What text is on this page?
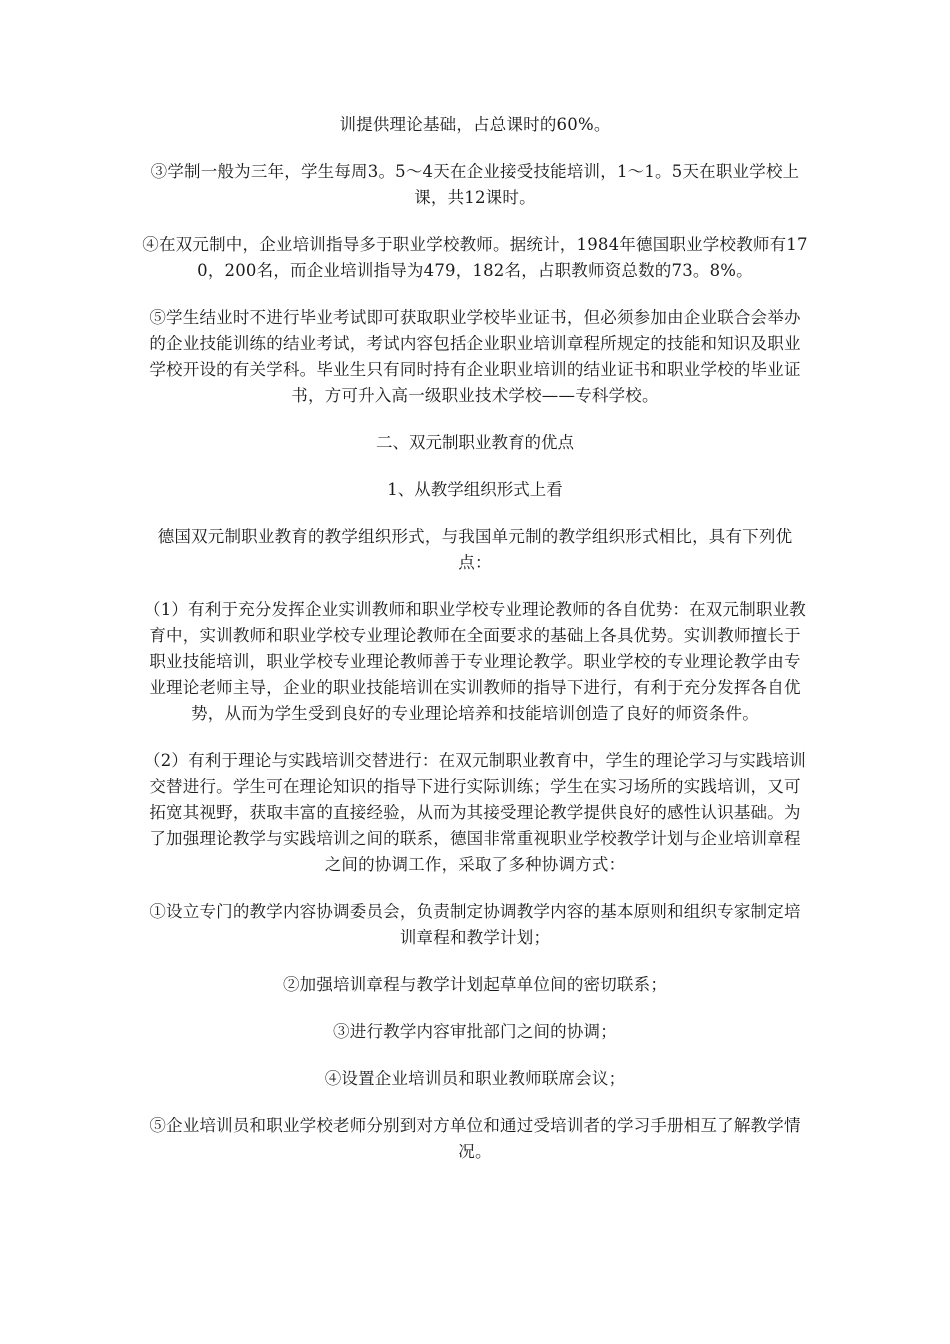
训提供理论基础，占总课时的60%。

③学制一般为三年，学生每周3。5～4天在企业接受技能培训，1～1。5天在职业学校上课，共12课时。

④在双元制中，企业培训指导多于职业学校教师。据统计，1984年德国职业学校教师有170，200名，而企业培训指导为479，182名，占职教师资总数的73。8%。

⑤学生结业时不进行毕业考试即可获取职业学校毕业证书，但必须参加由企业联合会举办的企业技能训练的结业考试，考试内容包括企业职业培训章程所规定的技能和知识及职业学校开设的有关学科。毕业生只有同时持有企业职业培训的结业证书和职业学校的毕业证书，方可升入高一级职业技术学校——专科学校。

二、双元制职业教育的优点

1、从教学组织形式上看

德国双元制职业教育的教学组织形式，与我国单元制的教学组织形式相比，具有下列优点：

（1）有利于充分发挥企业实训教师和职业学校专业理论教师的各自优势：在双元制职业教育中，实训教师和职业学校专业理论教师在全面要求的基础上各具优势。实训教师擅长于职业技能培训，职业学校专业理论教师善于专业理论教学。职业学校的专业理论教学由专业理论老师主导，企业的职业技能培训在实训教师的指导下进行，有利于充分发挥各自优势，从而为学生受到良好的专业理论培养和技能培训创造了良好的师资条件。

（2）有利于理论与实践培训交替进行：在双元制职业教育中，学生的理论学习与实践培训交替进行。学生可在理论知识的指导下进行实际训练；学生在实习场所的实践培训，又可拓宽其视野，获取丰富的直接经验，从而为其接受理论教学提供良好的感性认识基础。为了加强理论教学与实践培训之间的联系，德国非常重视职业学校教学计划与企业培训章程之间的协调工作，采取了多种协调方式：

①设立专门的教学内容协调委员会，负责制定协调教学内容的基本原则和组织专家制定培训章程和教学计划；

②加强培训章程与教学计划起草单位间的密切联系；

③进行教学内容审批部门之间的协调；

④设置企业培训员和职业教师联席会议；

⑤企业培训员和职业学校老师分别到对方单位和通过受培训者的学习手册相互了解教学情况。
